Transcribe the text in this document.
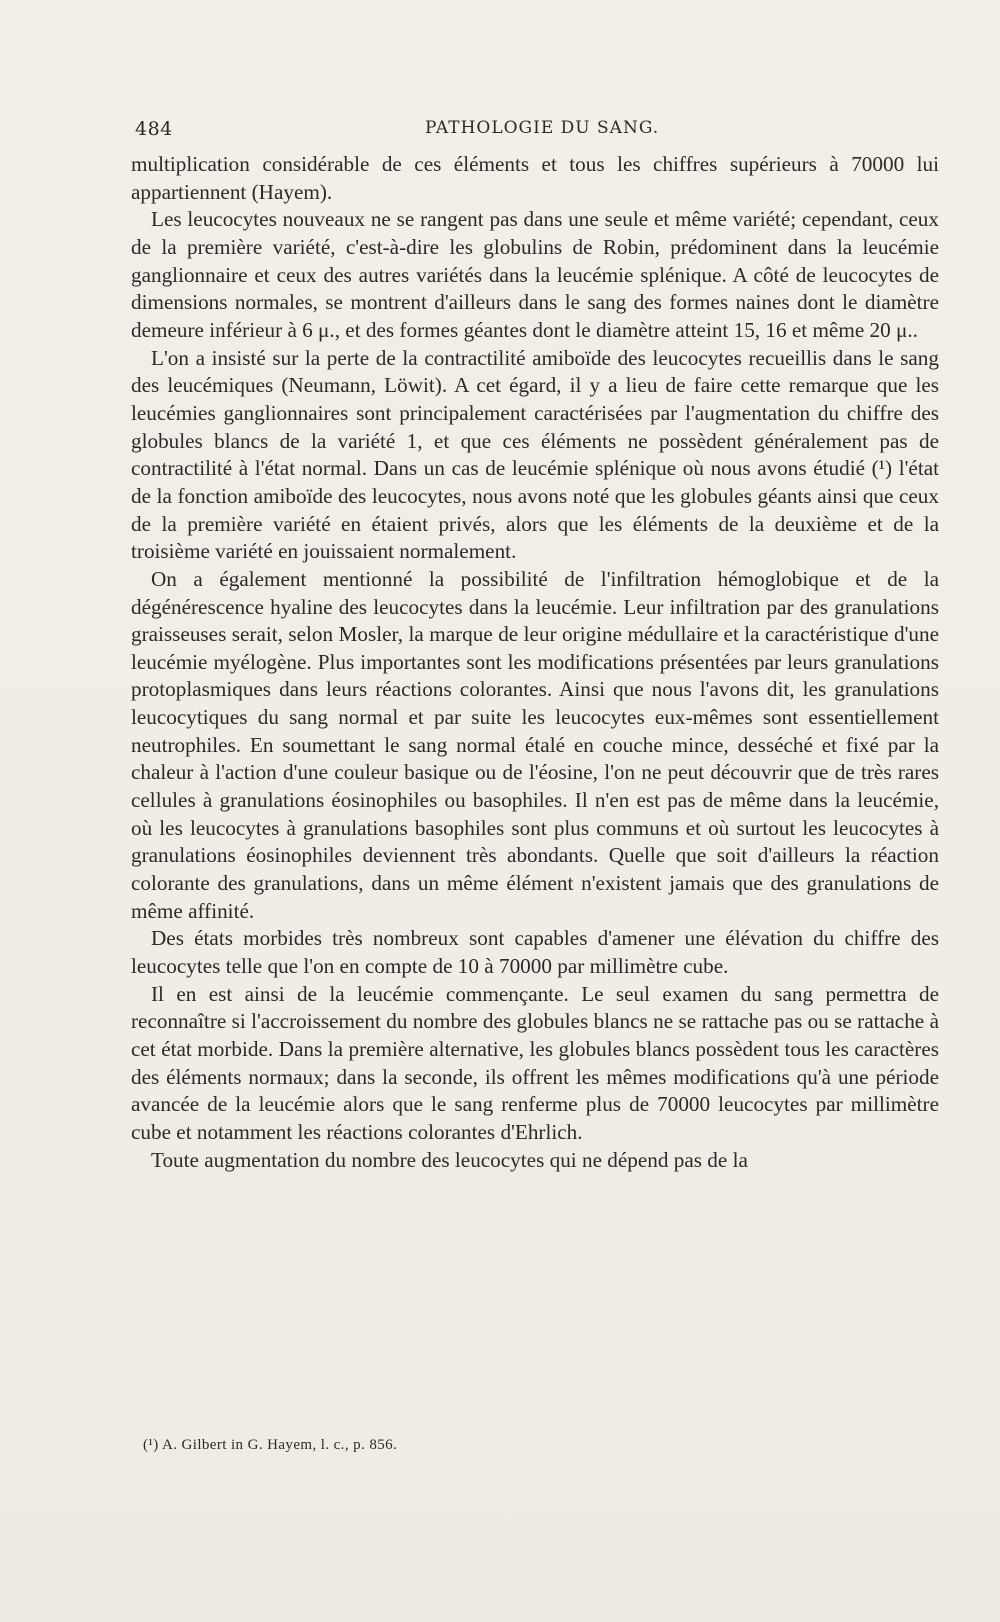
484	PATHOLOGIE DU SANG.

multiplication considérable de ces éléments et tous les chiffres supérieurs à 70000 lui appartiennent (Hayem).

Les leucocytes nouveaux ne se rangent pas dans une seule et même variété; cependant, ceux de la première variété, c'est-à-dire les globulins de Robin, prédominent dans la leucémie ganglionnaire et ceux des autres variétés dans la leucémie splénique. A côté de leucocytes de dimensions normales, se montrent d'ailleurs dans le sang des formes naines dont le diamètre demeure inférieur à 6 μ., et des formes géantes dont le diamètre atteint 15, 16 et même 20 μ..

L'on a insisté sur la perte de la contractilité amiboïde des leucocytes recueillis dans le sang des leucémiques (Neumann, Löwit). A cet égard, il y a lieu de faire cette remarque que les leucémies ganglionnaires sont principalement caractérisées par l'augmentation du chiffre des globules blancs de la variété 1, et que ces éléments ne possèdent généralement pas de contractilité à l'état normal. Dans un cas de leucémie splénique où nous avons étudié (¹) l'état de la fonction amiboïde des leucocytes, nous avons noté que les globules géants ainsi que ceux de la première variété en étaient privés, alors que les éléments de la deuxième et de la troisième variété en jouissaient normalement.

On a également mentionné la possibilité de l'infiltration hémoglobique et de la dégénérescence hyaline des leucocytes dans la leucémie. Leur infiltration par des granulations graisseuses serait, selon Mosler, la marque de leur origine médullaire et la caractéristique d'une leucémie myélogène. Plus importantes sont les modifications présentées par leurs granulations protoplasmiques dans leurs réactions colorantes. Ainsi que nous l'avons dit, les granulations leucocytiques du sang normal et par suite les leucocytes eux-mêmes sont essentiellement neutrophiles. En soumettant le sang normal étalé en couche mince, desséché et fixé par la chaleur à l'action d'une couleur basique ou de l'éosine, l'on ne peut découvrir que de très rares cellules à granulations éosinophiles ou basophiles. Il n'en est pas de même dans la leucémie, où les leucocytes à granulations basophiles sont plus communs et où surtout les leucocytes à granulations éosinophiles deviennent très abondants. Quelle que soit d'ailleurs la réaction colorante des granulations, dans un même élément n'existent jamais que des granulations de même affinité.

Des états morbides très nombreux sont capables d'amener une élévation du chiffre des leucocytes telle que l'on en compte de 10 à 70000 par millimètre cube.

Il en est ainsi de la leucémie commençante. Le seul examen du sang permettra de reconnaître si l'accroissement du nombre des globules blancs ne se rattache pas ou se rattache à cet état morbide. Dans la première alternative, les globules blancs possèdent tous les caractères des éléments normaux; dans la seconde, ils offrent les mêmes modifications qu'à une période avancée de la leucémie alors que le sang renferme plus de 70000 leucocytes par millimètre cube et notamment les réactions colorantes d'Ehrlich.

Toute augmentation du nombre des leucocytes qui ne dépend pas de la

(¹) A. Gilbert in G. Hayem, l. c., p. 856.
